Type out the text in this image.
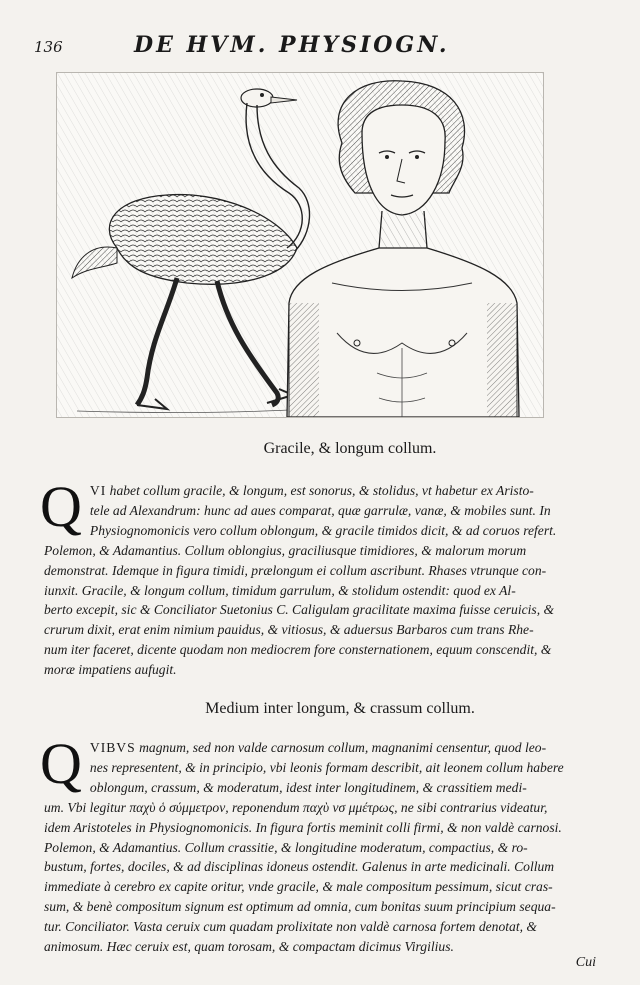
136	DE HVM. PHYSIOGN.
Gracile, & longum collum.
Q VI habet collum gracile, & longum, est sonorus, & stolidus, vt habetur ex Aristo-
tele ad Alexandrum: hunc ad aues comparat, quæ garrulæ, vanæ, & mobiles sunt. In
Physiognomonicis vero collum oblongum, & gracile timidos dicit, & ad coruos refert.
Polemon, & Adamantius. Collum oblongius, graciliusque timidiores, & malorum morum
demonstrat. Idemque in figura timidi, prælongum ei collum ascribunt. Rhases vtrunque con-
iunxit. Gracile, & longum collum, timidum garrulum, & stolidum ostendit: quod ex Al-
berto excepit, sic & Conciliator Suetonius C. Caligulam gracilitate maxima fuisse ceruicis, &
crurum dixit, erat enim nimium pauidus, & vitiosus, & aduersus Barbaros cum trans Rhe-
num iter faceret, dicente quodam non mediocrem fore consternationem, equum conscendit, &
moræ impatiens aufugit.
Medium inter longum, & crassum collum.
Q VIBVS magnum, sed non valde carnosum collum, magnanimi censentur, quod leo-
nes representent, & in principio, vbi leonis formam describit, ait leonem collum habere
oblongum, crassum, & moderatum, idest inter longitudinem, & crassitiem medi-
um. Vbi legitur παχὺ ὁ σύμμετρον, reponendum παχὺ νσ μμέτρως, ne sibi contrarius videatur,
idem Aristoteles in Physiognomonicis. In figura fortis meminit colli firmi, & non valdè carnosi.
Polemon, & Adamantius. Collum crassitie, & longitudine moderatum, compactius, & ro-
bustum, fortes, dociles, & ad disciplinas idoneus ostendit. Galenus in arte medicinali. Collum
immediate à cerebro ex capite oritur, vnde gracile, & male compositum pessimum, sicut cras-
sum, & benè compositum signum est optimum ad omnia, cum bonitas suum principium sequa-
tur. Conciliator. Vasta ceruix cum quadam prolixitate non valdè carnosa fortem denotat, &
animosum. Hæc ceruix est, quam torosam, & compactam dicimus Virgilius.
Cui
